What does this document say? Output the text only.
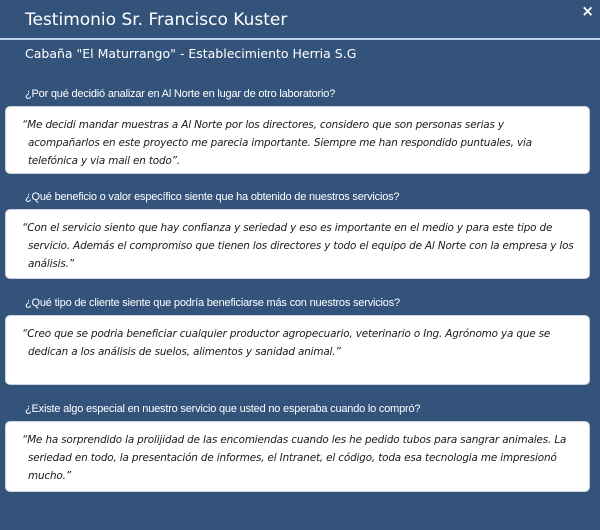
Testimonio Sr. Francisco Kuster	×
Cabaña "El Maturrango" - Establecimiento Herria S.G
¿Por qué decidió analizar en Al Norte en lugar de otro laboratorio?
“Me decidi mandar muestras a Al Norte por los directores, considero que son personas serias y acompañarlos en este proyecto me parecia importante. Siempre me han respondido puntuales, via telefónica y via mail en todo”.
¿Qué beneficio o valor específico siente que ha obtenido de nuestros servicios?
“Con el servicio siento que hay confianza y seriedad y eso es importante en el medio y para este tipo de servicio. Además el compromiso que tienen los directores y todo el equipo de Al Norte con la empresa y los análisis.”
¿Qué tipo de cliente siente que podría beneficiarse más con nuestros servicios?
“Creo que se podria beneficiar cualquier productor agropecuario, veterinario o Ing. Agrónomo ya que se dedican a los análisis de suelos, alimentos y sanidad animal.”
¿Existe algo especial en nuestro servicio que usted no esperaba cuando lo compró?
“Me ha sorprendido la prolijidad de las encomiendas cuando les he pedido tubos para sangrar animales. La seriedad en todo, la presentación de informes, el Intranet, el código, toda esa tecnologia me impresionó mucho.”
